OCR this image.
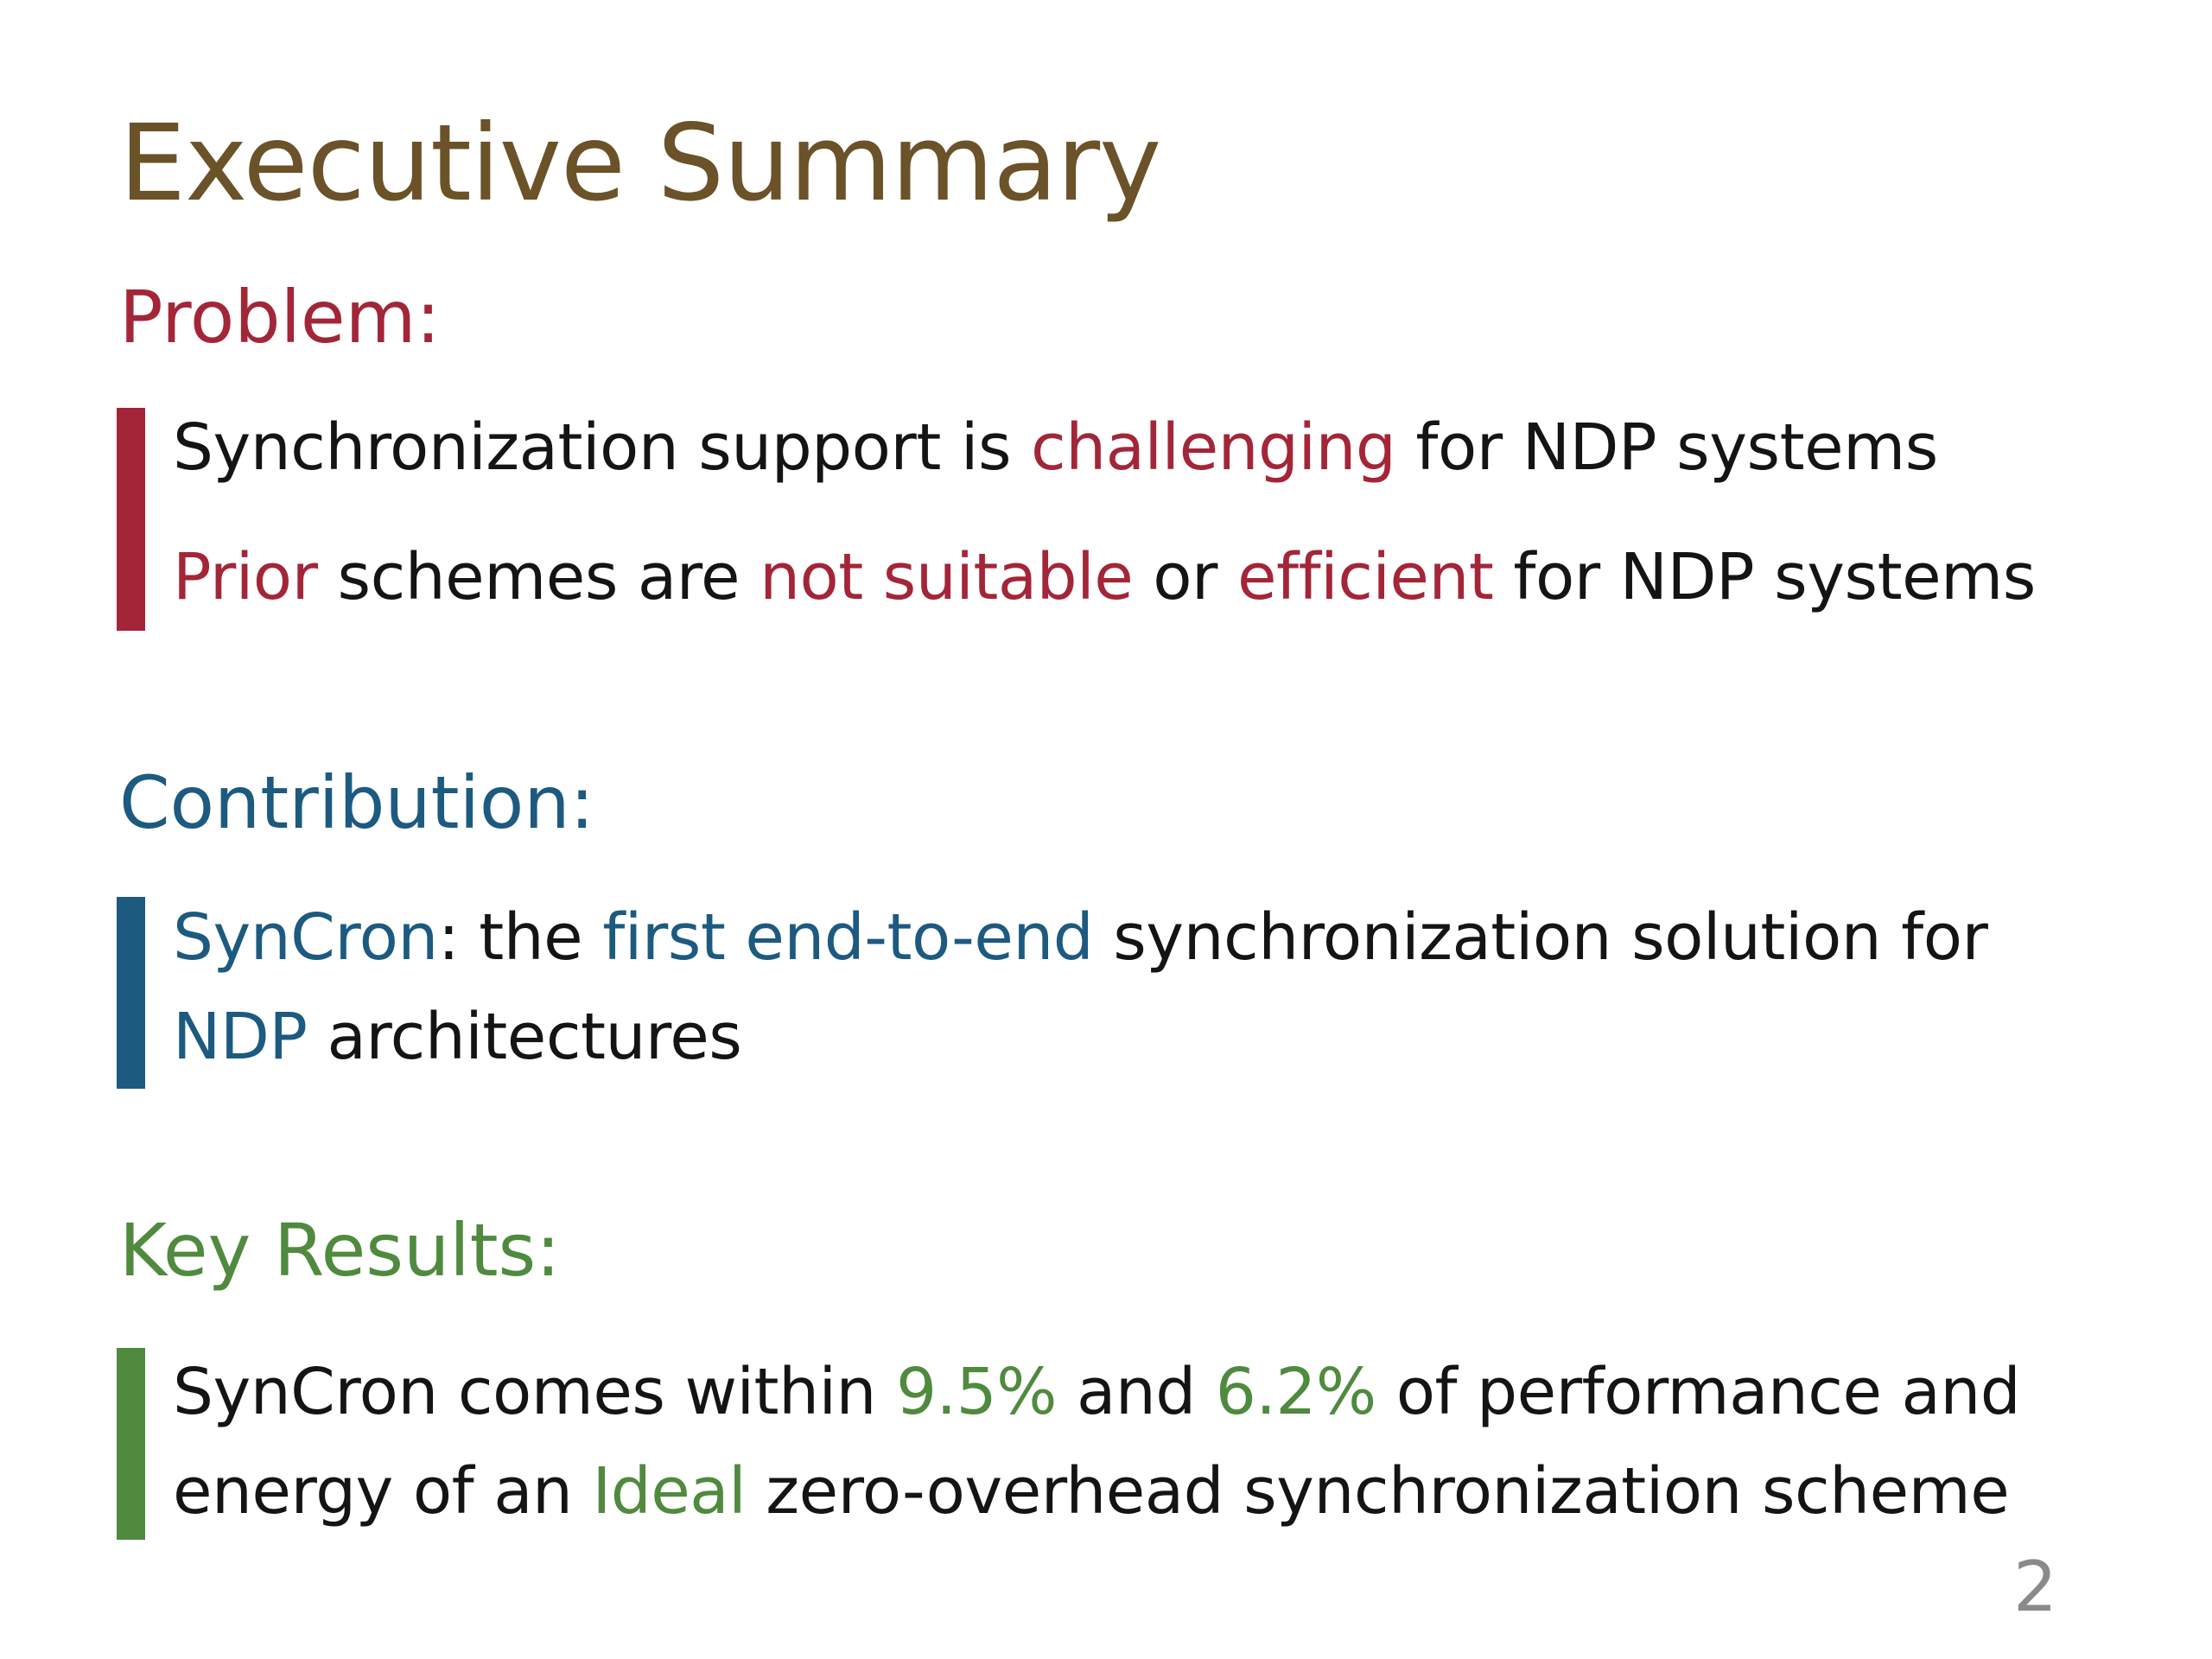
Executive Summary
Problem:

Synchronization support is challenging for NDP systems

Prior schemes are not suitable or efficient for NDP systems

Contribution:

SynCron: the first end-to-end synchronization solution for

NDP architectures

Key Results:

SynCron comes within 9.5% and 6.2% of performance and

energy of an Ideal zero-overhead synchronization scheme

2
